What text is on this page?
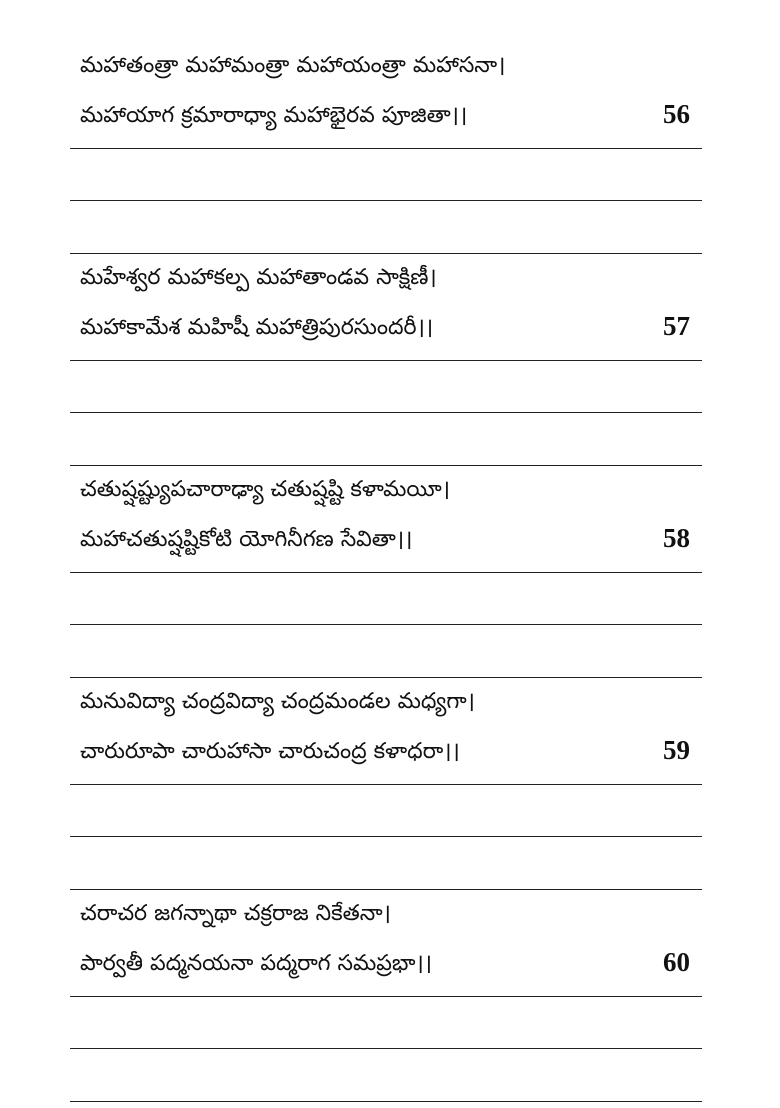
మహాతంత్రా మహామంత్రా మహాయంత్రా మహాసనా।
మహాయాగ క్రమారాధ్యా మహాభైరవ పూజితా।।	56
మహేశ్వర మహాకల్ప మహాతాండవ సాక్షిణీ।
మహాకామేశ మహిషీ మహాత్రిపురసుందరీ।।	57
చతుష్షష్ట్యుపచారాఢ్యా చతుష్షష్టి కళామయీ।
మహాచతుష్షష్టికోటి యోగినీగణ సేవితా।।	58
మనువిద్యా చంద్రవిద్యా చంద్రమండల మధ్యగా।
చారురూపా చారుహాసా చారుచంద్ర కళాధరా।।	59
చరాచర జగన్నాథా చక్రరాజ నికేతనా।
పార్వతీ పద్మనయనా పద్మరాగ సమప్రభా।।	60
